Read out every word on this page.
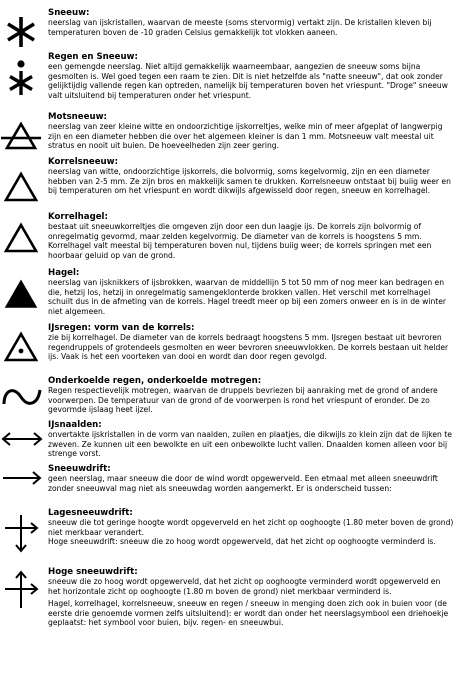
Sneeuw:
neerslag van ijskristallen, waarvan de meeste (soms stervormig) vertakt zijn. De kristallen kleven bij temperaturen boven de -10 graden Celsius gemakkelijk tot vlokken aaneen.
Regen en Sneeuw:
een gemengde neerslag. Niet altijd gemakkelijk waarneembaar, aangezien de sneeuw soms bijna gesmolten is. Wel goed tegen een raam te zien. Dit is niet hetzelfde als "natte sneeuw", dat ook zonder gelijktijdig vallende regen kan optreden, namelijk bij temperaturen boven het vriespunt. "Droge" sneeuw valt uitsluitend bij temperaturen onder het vriespunt.
Motsneeuw:
neerslag van zeer kleine witte en ondoorzichtige ijskorreltjes, welke min of meer afgeplat of langwerpig zijn en een diameter hebben die over het algemeen kleiner is dan 1 mm. Motsneeuw valt meestal uit stratus en nooit uit buien. De hoeveelheden zijn zeer gering.
Korrelsneeuw:
neerslag van witte, ondoorzichtige ijskorrels, die bolvormig, soms kegelvormig, zijn en een diameter hebben van 2-5 mm. Ze zijn bros en makkelijk samen te drukken. Korrelsneeuw ontstaat bij buiig weer en bij temperaturen om het vriespunt en wordt dikwijls afgewisseld door regen, sneeuw en korrelhagel.
Korrelhagel:
bestaat uit sneeuwkorreltjes die omgeven zijn door een dun laagje ijs. De korrels zijn bolvormig of onregelmatig gevormd, maar zelden kegelvormig. De diameter van de korrels is hoogstens 5 mm. Korrelhagel valt meestal bij temperaturen boven nul, tijdens buiig weer; de korrels springen met een hoorbaar geluid op van de grond.
Hagel:
neerslag van ijsknikkers of ijsbrokken, waarvan de middellijn 5 tot 50 mm of nog meer kan bedragen en die, hetzij los, hetzij in onregelmatig samengeklonterde brokken vallen. Het verschil met korrelhagel schuilt dus in de afmeting van de korrels. Hagel treedt meer op bij een zomers onweer en is in de winter niet algemeen.
IJsregen: vorm van de korrels:
zie bij korrelhagel. De diameter van de korrels bedraagt hoogstens 5 mm. IJsregen bestaat uit bevroren regendruppels of grotendeels gesmolten en weer bevroren sneeuwvlokken. De korrels bestaan uit helder ijs. Vaak is het een voorteken van dooi en wordt dan door regen gevolgd.
Onderkoelde regen, onderkoelde motregen:
Regen respectievelijk motregen, waarvan de druppels bevriezen bij aanraking met de grond of andere voorwerpen. De temperatuur van de grond of de voorwerpen is rond het vriespunt of eronder. De zo gevormde ijslaag heet ijzel.
IJsnaalden:
onvertakte ijskristallen in de vorm van naalden, zuilen en plaatjes, die dikwijls zo klein zijn dat de lijken te zweven. Ze kunnen uit een bewolkte en uit een onbewolkte lucht vallen. Dnaalden komen alleen voor bij strenge vorst.
Sneeuwdrift:
geen neerslag, maar sneeuw die door de wind wordt opgewerveld. Een etmaal met alleen sneeuwdrift zonder sneeuwval mag niet als sneeuwdag worden aangemerkt. Er is onderscheid tussen:
Lagesneeuwdrift:
sneeuw die tot geringe hoogte wordt opgeverveld en het zicht op ooghoogte (1.80 meter boven de grond) niet merkbaar verandert.
Hoge sneeuwdrift: sneeuw die zo hoog wordt opgewerveld, dat het zicht op ooghoogte verminderd is.
Hoge sneeuwdrift:
sneeuw die zo hoog wordt opgewerveld, dat het zicht op ooghoogte verminderd wordt opgewerveld en het horizontale zicht op ooghoogte (1.80 m boven de grond) niet merkbaar verminderd is.
Hagel, korrelhagel, korrelsneeuw, sneeuw en regen / sneeuw in menging doen zich ook in buien voor (de eerste drie genoemde vormen zelfs uitsluitend): er wordt dan onder het neerslagsymbool een driehoekje geplaatst: het symbool voor buien, bijv. regen- en sneeuwbui.
